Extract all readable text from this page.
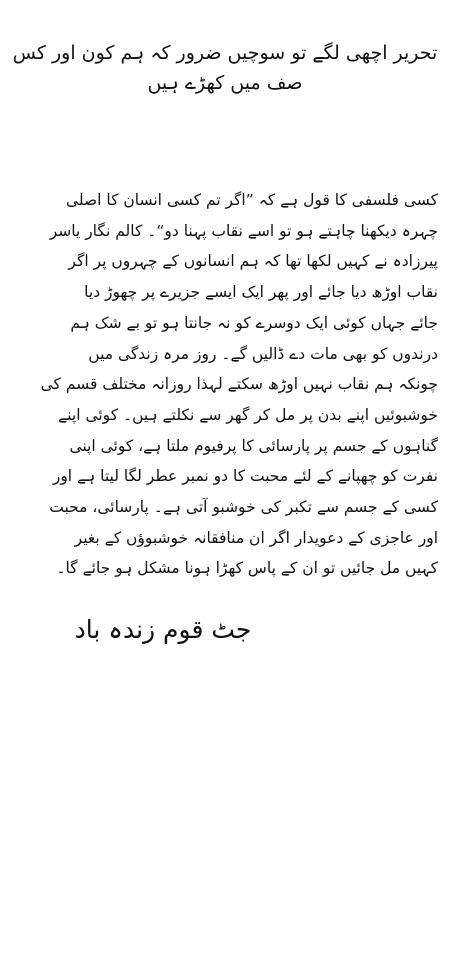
تحریر اچھی لگے تو سوچیں ضرور کہ ہم کون اور کس
صف میں کھڑے ہیں
کسی فلسفی کا قول ہے کہ ”اگر تم کسی انسان کا اصلی
چہرہ دیکھنا چاہتے ہو تو اسے نقاب پہنا دو“۔ کالم نگار یاسر
پیرزادہ نے کہیں لکھا تھا کہ ہم انسانوں کے چہروں پر اگر
نقاب اوڑھ دیا جائے اور پھر ایک ایسے جزیرے پر چھوڑ دیا
جائے جہاں کوئی ایک دوسرے کو نہ جانتا ہو تو بے شک ہم
درندوں کو بھی مات دے ڈالیں گے۔ روز مرہ زندگی میں
چونکہ ہم نقاب نہیں اوڑھ سکتے لہذا روزانہ مختلف قسم کی
خوشبوئیں اپنے بدن پر مل کر گھر سے نکلتے ہیں۔ کوئی اپنے
گناہوں کے جسم پر پارسائی کا پرفیوم ملتا ہے، کوئی اپنی
نفرت کو چھپانے کے لئے محبت کا دو نمبر عطر لگا لیتا ہے اور
کسی کے جسم سے تکبر کی خوشبو آتی ہے۔ پارسائی، محبت
اور عاجزی کے دعویدار اگر ان منافقانہ خوشبوؤں کے بغیر
کہیں مل جائیں تو ان کے پاس کھڑا ہونا مشکل ہو جائے گا۔
جٹ قوم زندہ باد
